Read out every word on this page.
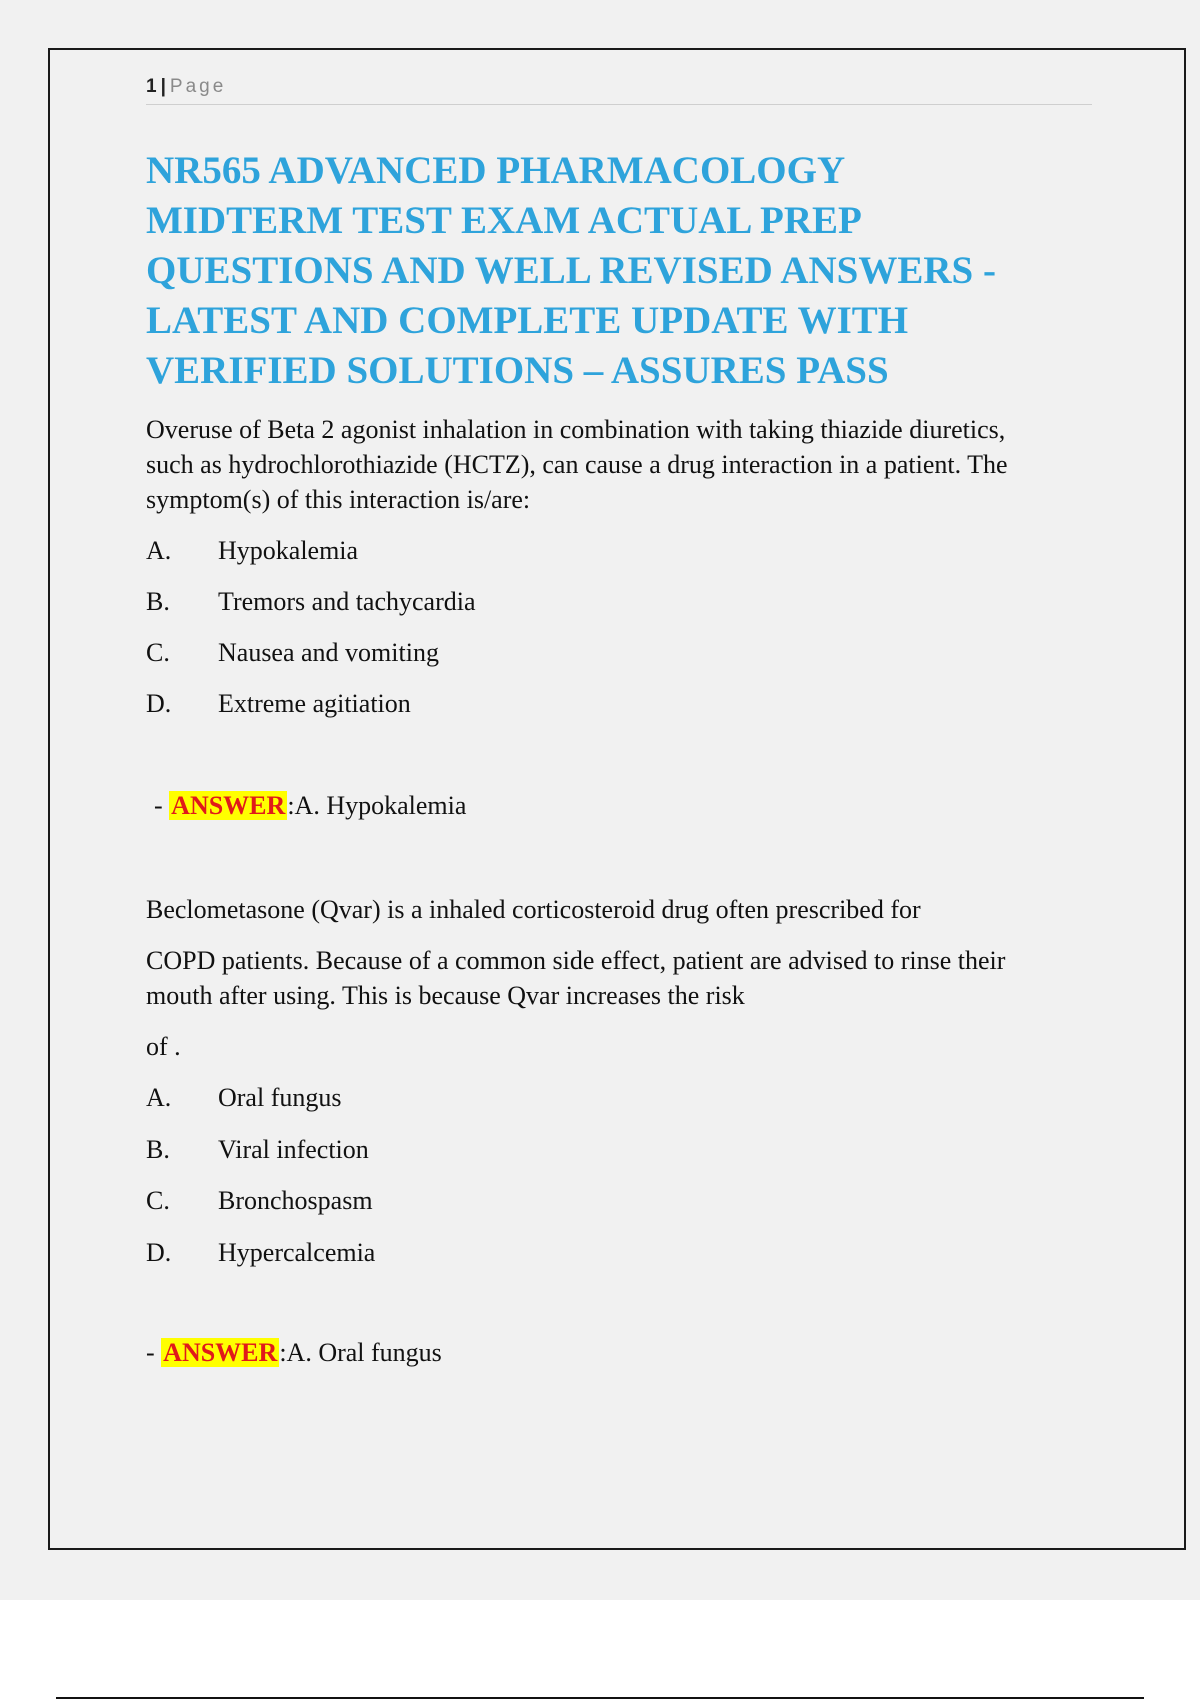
1 | Page
NR565 ADVANCED PHARMACOLOGY
MIDTERM TEST EXAM ACTUAL PREP
QUESTIONS AND WELL REVISED ANSWERS -
LATEST AND COMPLETE UPDATE WITH
VERIFIED SOLUTIONS – ASSURES PASS
Overuse of Beta 2 agonist inhalation in combination with taking thiazide diuretics,
such as hydrochlorothiazide (HCTZ), can cause a drug interaction in a patient. The
symptom(s) of this interaction is/are:
A. Hypokalemia
B. Tremors and tachycardia
C. Nausea and vomiting
D. Extreme agitiation
- ANSWER:A. Hypokalemia
Beclometasone (Qvar) is a inhaled corticosteroid drug often prescribed for
COPD patients. Because of a common side effect, patient are advised to rinse their
mouth after using. This is because Qvar increases the risk
of .
A. Oral fungus
B. Viral infection
C. Bronchospasm
D. Hypercalcemia
- ANSWER:A. Oral fungus
